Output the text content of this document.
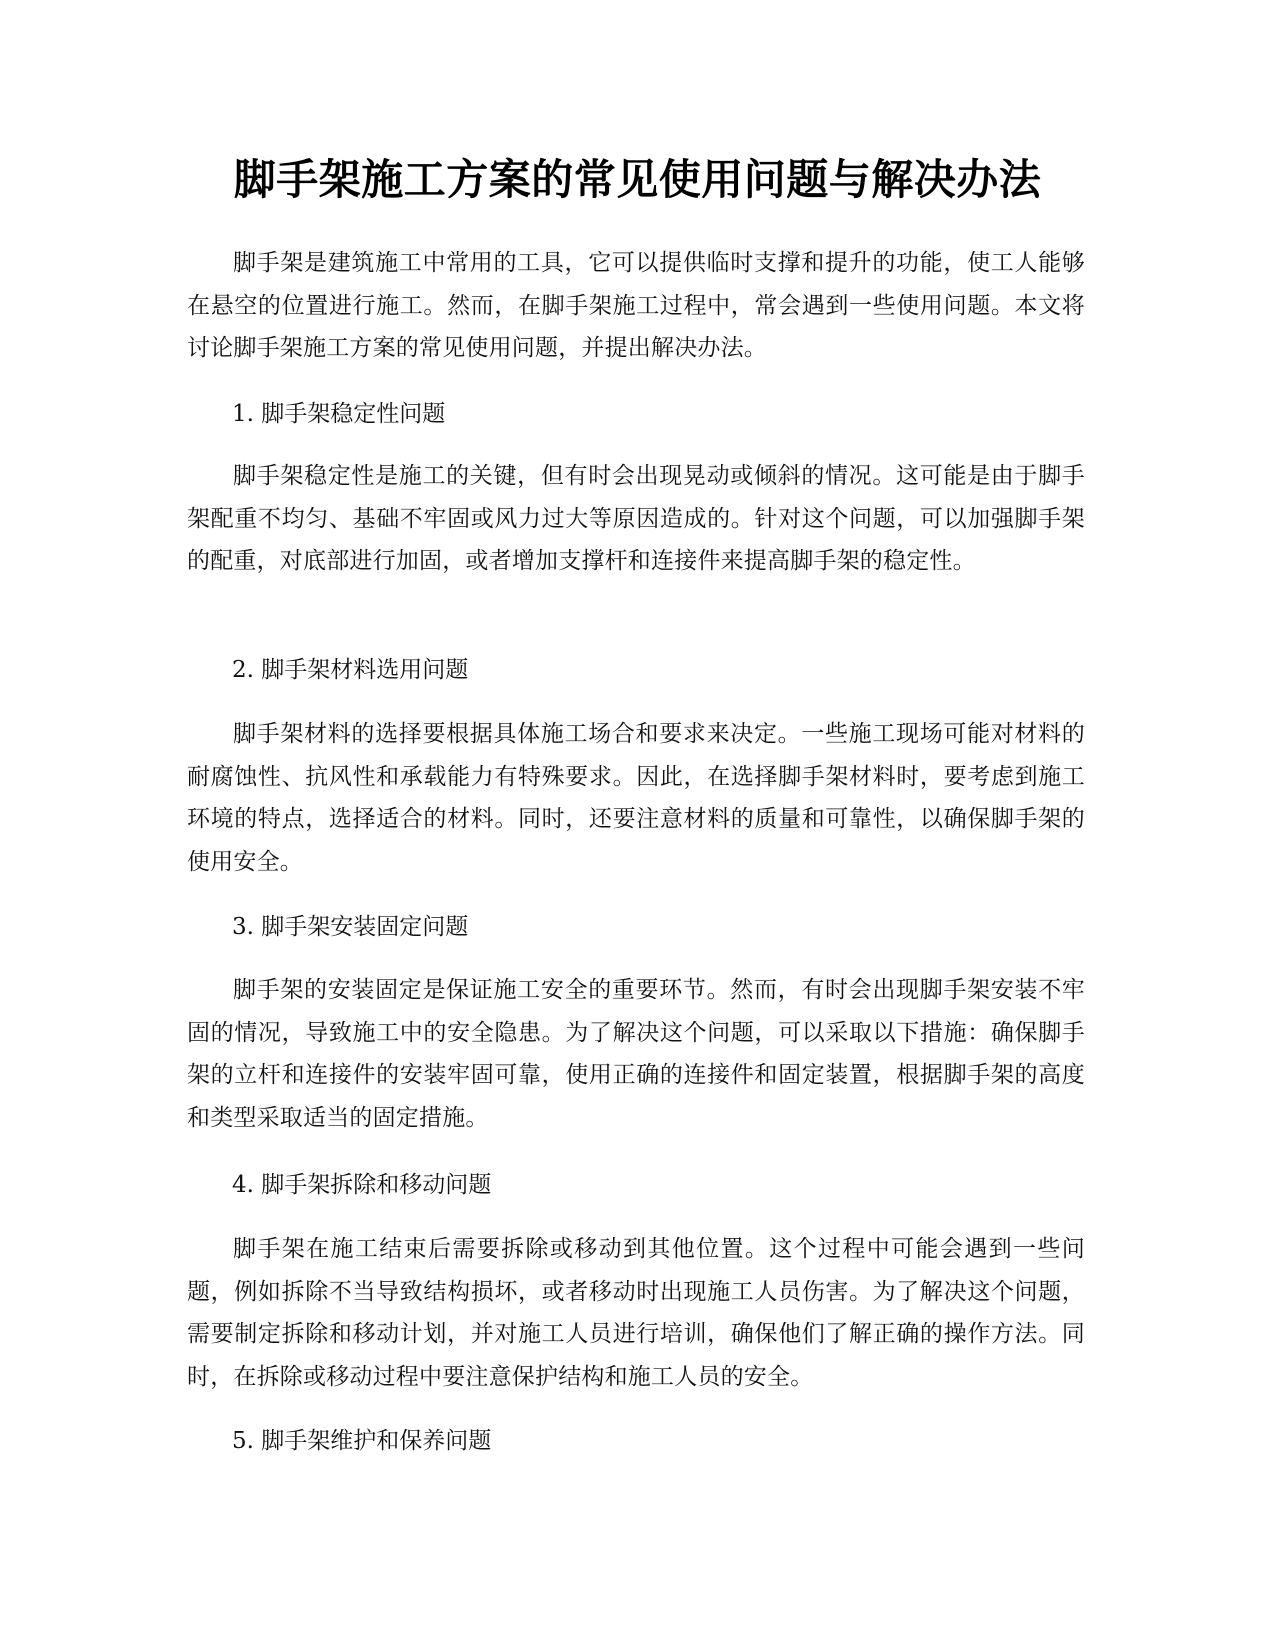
脚手架施工方案的常见使用问题与解决办法

脚手架是建筑施工中常用的工具，它可以提供临时支撑和提升的功能，使工人能够在悬空的位置进行施工。然而，在脚手架施工过程中，常会遇到一些使用问题。本文将讨论脚手架施工方案的常见使用问题，并提出解决办法。

1. 脚手架稳定性问题

脚手架稳定性是施工的关键，但有时会出现晃动或倾斜的情况。这可能是由于脚手架配重不均匀、基础不牢固或风力过大等原因造成的。针对这个问题，可以加强脚手架的配重，对底部进行加固，或者增加支撑杆和连接件来提高脚手架的稳定性。

2. 脚手架材料选用问题

脚手架材料的选择要根据具体施工场合和要求来决定。一些施工现场可能对材料的耐腐蚀性、抗风性和承载能力有特殊要求。因此，在选择脚手架材料时，要考虑到施工环境的特点，选择适合的材料。同时，还要注意材料的质量和可靠性，以确保脚手架的使用安全。

3. 脚手架安装固定问题

脚手架的安装固定是保证施工安全的重要环节。然而，有时会出现脚手架安装不牢固的情况，导致施工中的安全隐患。为了解决这个问题，可以采取以下措施：确保脚手架的立杆和连接件的安装牢固可靠，使用正确的连接件和固定装置，根据脚手架的高度和类型采取适当的固定措施。

4. 脚手架拆除和移动问题

脚手架在施工结束后需要拆除或移动到其他位置。这个过程中可能会遇到一些问题，例如拆除不当导致结构损坏，或者移动时出现施工人员伤害。为了解决这个问题，需要制定拆除和移动计划，并对施工人员进行培训，确保他们了解正确的操作方法。同时，在拆除或移动过程中要注意保护结构和施工人员的安全。

5. 脚手架维护和保养问题
